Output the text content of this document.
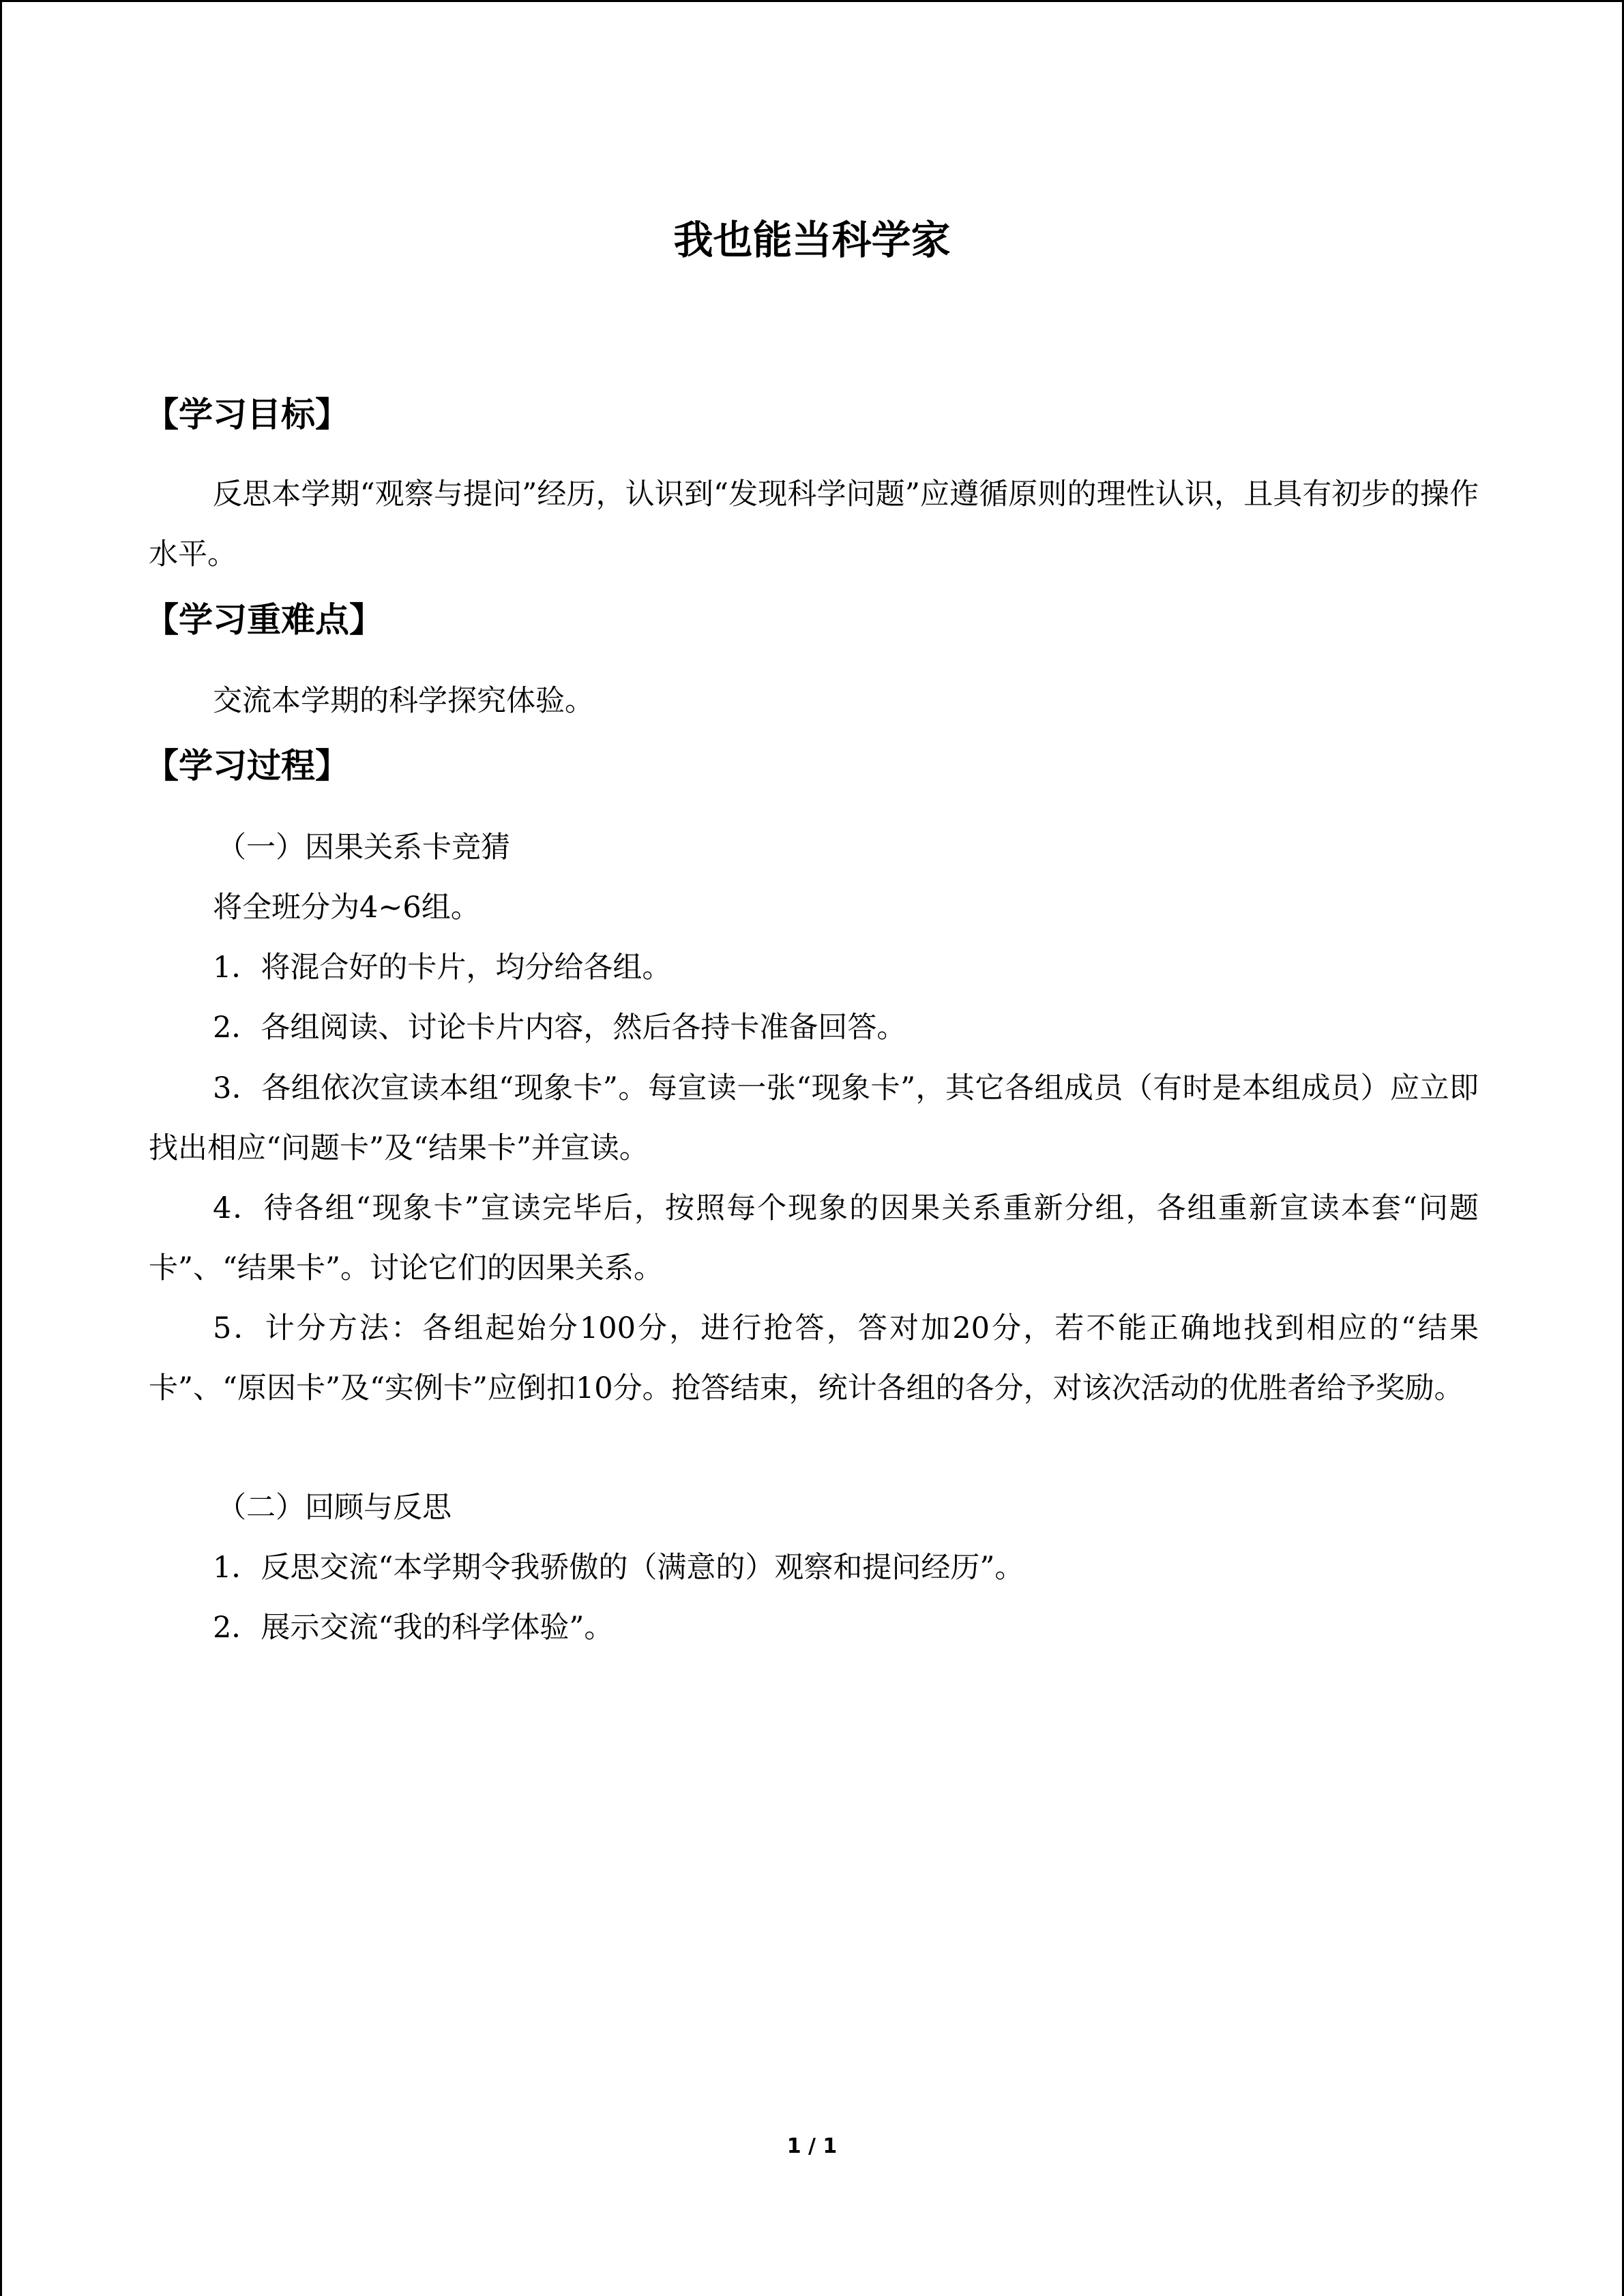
我也能当科学家
【学习目标】

反思本学期“观察与提问”经历，认识到“发现科学问题”应遵循原则的理性认识，且具有初步的操作水平。

【学习重难点】

交流本学期的科学探究体验。

【学习过程】

（一）因果关系卡竞猜

将全班分为4~6组。

1．将混合好的卡片，均分给各组。

2．各组阅读、讨论卡片内容，然后各持卡准备回答。

3．各组依次宣读本组“现象卡”。每宣读一张“现象卡”，其它各组成员（有时是本组成员）应立即找出相应“问题卡”及“结果卡”并宣读。

4．待各组“现象卡”宣读完毕后，按照每个现象的因果关系重新分组，各组重新宣读本套“问题卡”、“结果卡”。讨论它们的因果关系。

5．计分方法：各组起始分100分，进行抢答，答对加20分，若不能正确地找到相应的“结果卡”、“原因卡”及“实例卡”应倒扣10分。抢答结束，统计各组的各分，对该次活动的优胜者给予奖励。

（二）回顾与反思

1．反思交流“本学期令我骄傲的（满意的）观察和提问经历”。

2．展示交流“我的科学体验”。

1 / 1
